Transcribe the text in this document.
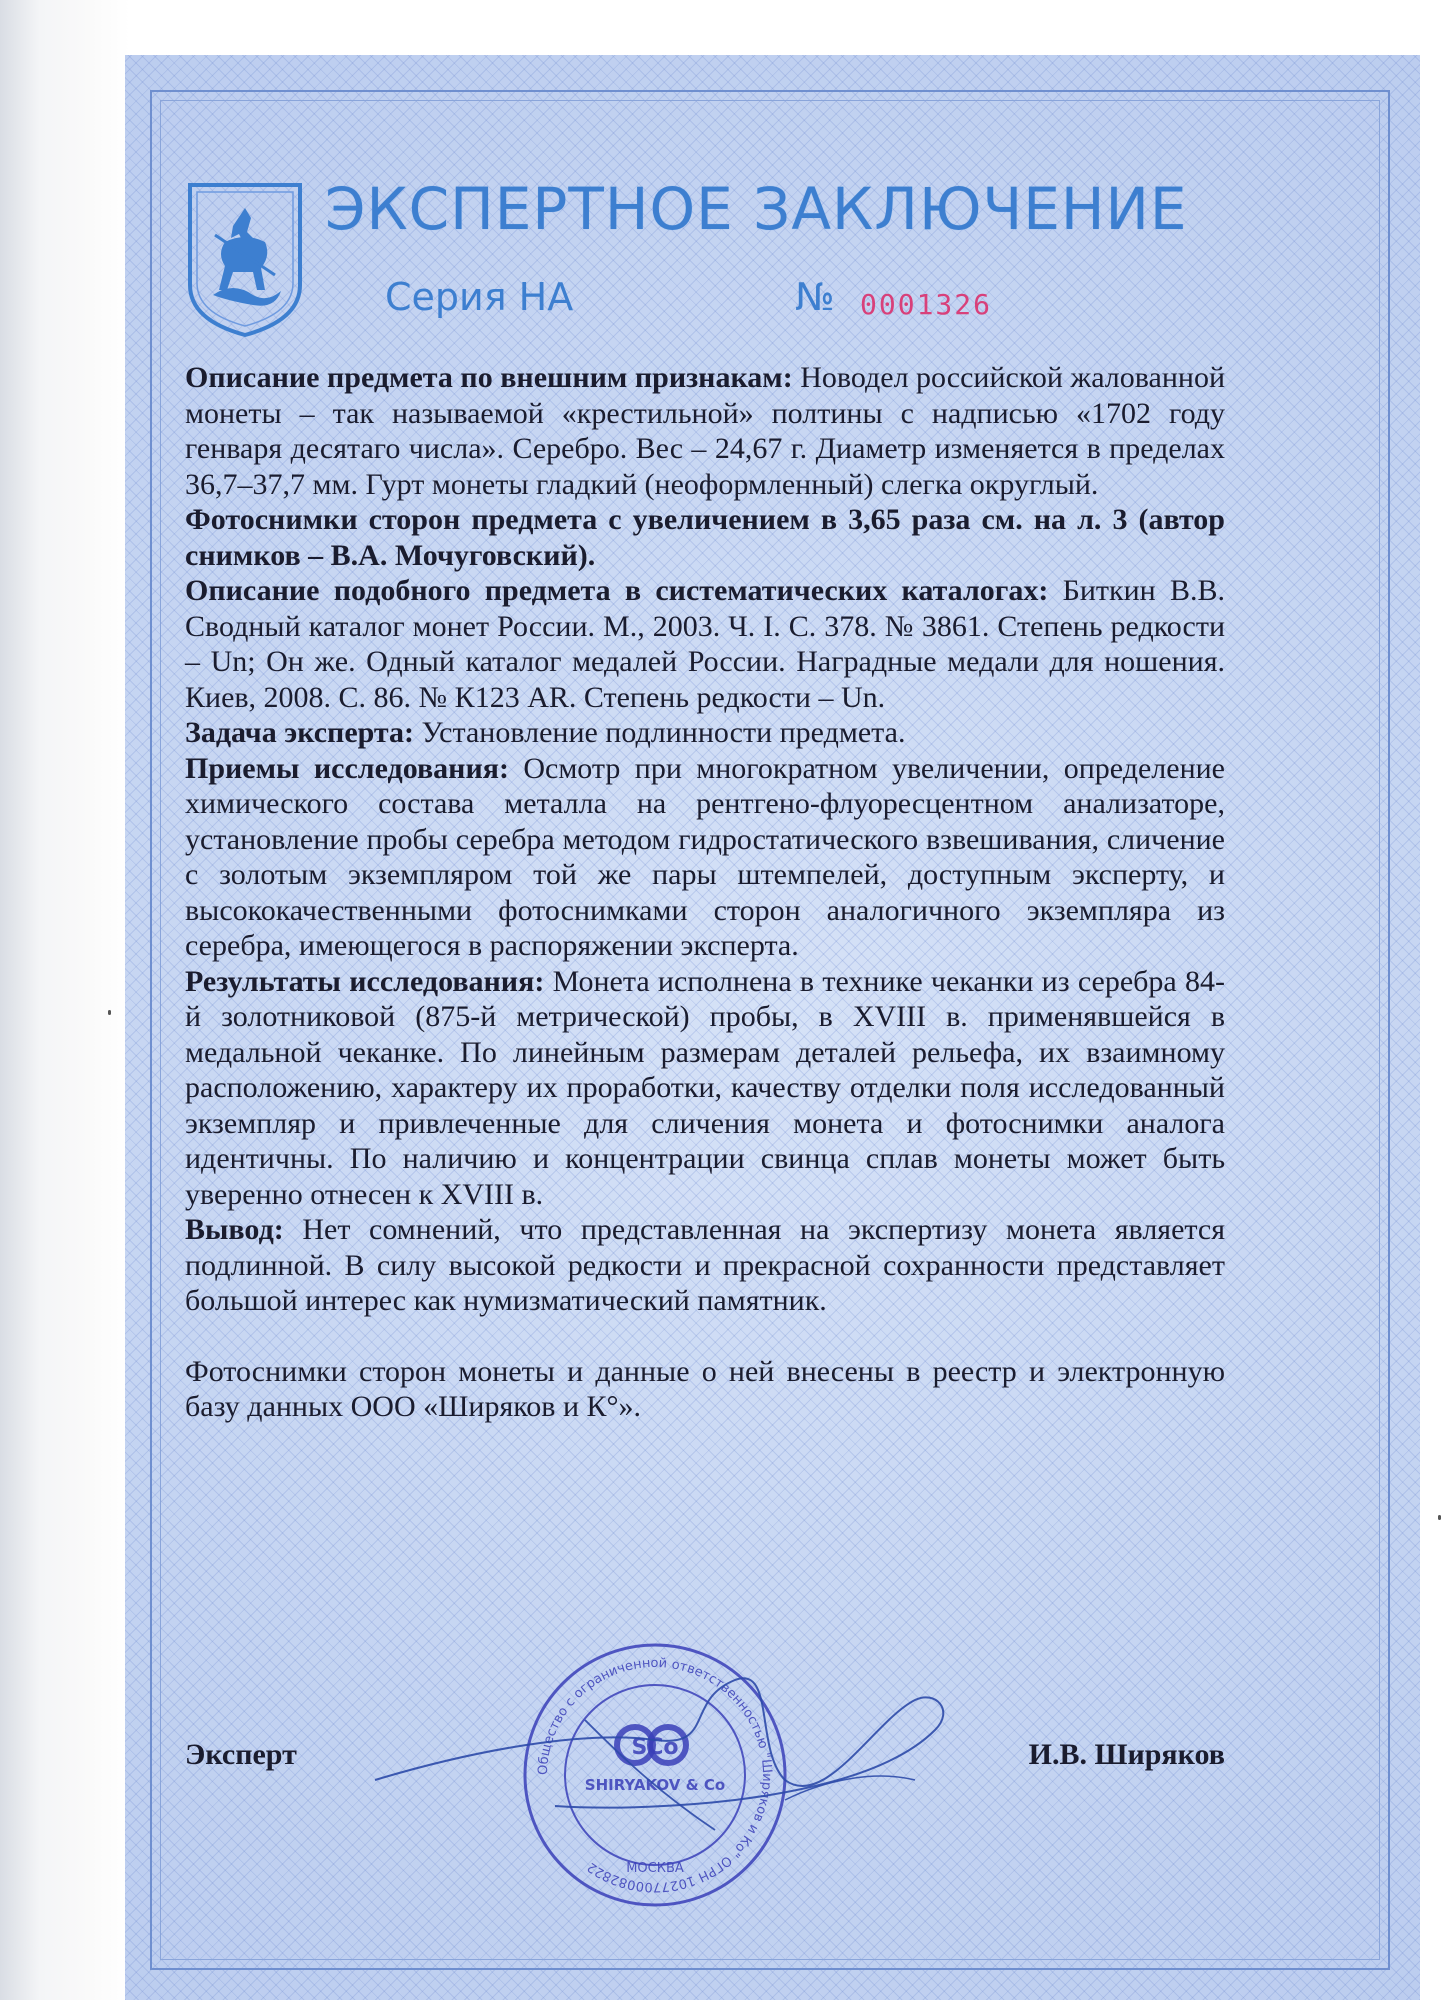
ЭКСПЕРТНОЕ ЗАКЛЮЧЕНИЕ
Серия НА	№ 0001326

Описание предмета по внешним признакам: Новодел российской жалованной монеты – так называемой «крестильной» полтины с надписью «1702 году генваря десятаго числа». Серебро. Вес – 24,67 г. Диаметр изменяется в пределах 36,7–37,7 мм. Гурт монеты гладкий (неоформленный) слегка округлый.

Фотоснимки сторон предмета с увеличением в 3,65 раза см. на л. 3 (автор снимков – В.А. Мочуговский).

Описание подобного предмета в систематических каталогах: Биткин В.В. Сводный каталог монет России. М., 2003. Ч. I. С. 378. № 3861. Степень редкости – Un; Он же. Одный каталог медалей России. Наградные медали для ношения. Киев, 2008. С. 86. № К123 AR. Степень редкости – Un.

Задача эксперта: Установление подлинности предмета.

Приемы исследования: Осмотр при многократном увеличении, определение химического состава металла на рентгено-флуоресцентном анализаторе, установление пробы серебра методом гидростатического взвешивания, сличение с золотым экземпляром той же пары штемпелей, доступным эксперту, и высококачественными фотоснимками сторон аналогичного экземпляра из серебра, имеющегося в распоряжении эксперта.

Результаты исследования: Монета исполнена в технике чеканки из серебра 84-й золотниковой (875-й метрической) пробы, в XVIII в. применявшейся в медальной чеканке. По линейным размерам деталей рельефа, их взаимному расположению, характеру их проработки, качеству отделки поля исследованный экземпляр и привлеченные для сличения монета и фотоснимки аналога идентичны. По наличию и концентрации свинца сплав монеты может быть уверенно отнесен к XVIII в.

Вывод: Нет сомнений, что представленная на экспертизу монета является подлинной. В силу высокой редкости и прекрасной сохранности представляет большой интерес как нумизматический памятник.

Фотоснимки сторон монеты и данные о ней внесены в реестр и электронную базу данных ООО «Ширяков и К°».

Эксперт	И.В. Ширяков
Общество с ограниченной ответственностью "Ширяков и Ко" ОГРН 1027700082822
SCo
SHIRYAKOV & Co
МОСКВА
